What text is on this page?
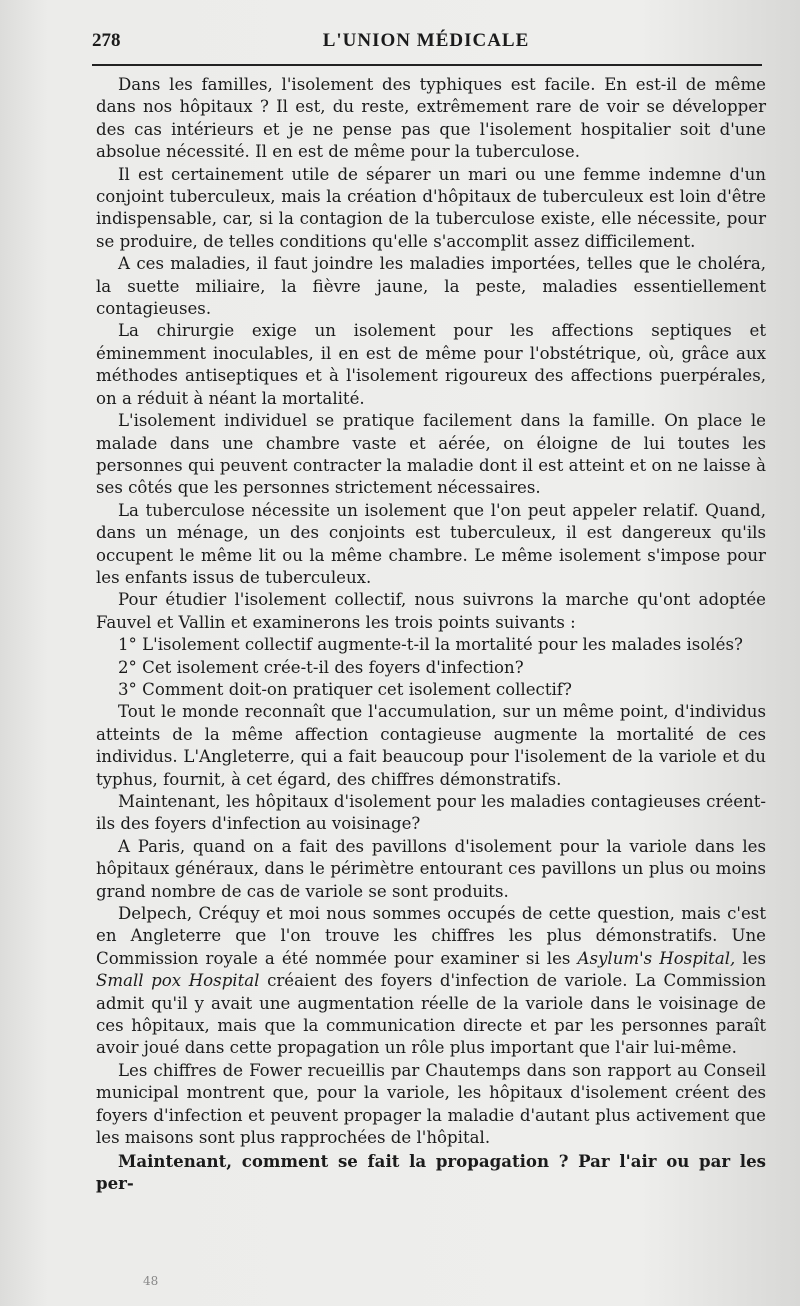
278	L'UNION MÉDICALE

Dans les familles, l'isolement des typhiques est facile. En est-il de même dans nos hôpitaux ? Il est, du reste, extrêmement rare de voir se développer des cas intérieurs et je ne pense pas que l'isolement hospitalier soit d'une absolue nécessité. Il en est de même pour la tuberculose.

Il est certainement utile de séparer un mari ou une femme indemne d'un conjoint tuberculeux, mais la création d'hôpitaux de tuberculeux est loin d'être indispensable, car, si la contagion de la tuberculose existe, elle nécessite, pour se produire, de telles conditions qu'elle s'accomplit assez difficilement.

A ces maladies, il faut joindre les maladies importées, telles que le choléra, la suette miliaire, la fièvre jaune, la peste, maladies essentiellement contagieuses.

La chirurgie exige un isolement pour les affections septiques et éminemment inoculables, il en est de même pour l'obstétrique, où, grâce aux méthodes antiseptiques et à l'isolement rigoureux des affections puerpérales, on a réduit à néant la mortalité.

L'isolement individuel se pratique facilement dans la famille. On place le malade dans une chambre vaste et aérée, on éloigne de lui toutes les personnes qui peuvent contracter la maladie dont il est atteint et on ne laisse à ses côtés que les personnes strictement nécessaires.

La tuberculose nécessite un isolement que l'on peut appeler relatif. Quand, dans un ménage, un des conjoints est tuberculeux, il est dangereux qu'ils occupent le même lit ou la même chambre. Le même isolement s'impose pour les enfants issus de tuberculeux.

Pour étudier l'isolement collectif, nous suivrons la marche qu'ont adoptée Fauvel et Vallin et examinerons les trois points suivants :

1° L'isolement collectif augmente-t-il la mortalité pour les malades isolés?

2° Cet isolement crée-t-il des foyers d'infection?

3° Comment doit-on pratiquer cet isolement collectif?

Tout le monde reconnaît que l'accumulation, sur un même point, d'individus atteints de la même affection contagieuse augmente la mortalité de ces individus. L'Angleterre, qui a fait beaucoup pour l'isolement de la variole et du typhus, fournit, à cet égard, des chiffres démonstratifs.

Maintenant, les hôpitaux d'isolement pour les maladies contagieuses créent-ils des foyers d'infection au voisinage?

A Paris, quand on a fait des pavillons d'isolement pour la variole dans les hôpitaux généraux, dans le périmètre entourant ces pavillons un plus ou moins grand nombre de cas de variole se sont produits.

Delpech, Créquy et moi nous sommes occupés de cette question, mais c'est en Angleterre que l'on trouve les chiffres les plus démonstratifs. Une Commission royale a été nommée pour examiner si les Asylum's Hospital, les Small pox Hospital créaient des foyers d'infection de variole. La Commission admit qu'il y avait une augmentation réelle de la variole dans le voisinage de ces hôpitaux, mais que la communication directe et par les personnes paraît avoir joué dans cette propagation un rôle plus important que l'air lui-même.

Les chiffres de Fower recueillis par Chautemps dans son rapport au Conseil municipal montrent que, pour la variole, les hôpitaux d'isolement créent des foyers d'infection et peuvent propager la maladie d'autant plus activement que les maisons sont plus rapprochées de l'hôpital.

Maintenant, comment se fait la propagation ? Par l'air ou par les per-

48
